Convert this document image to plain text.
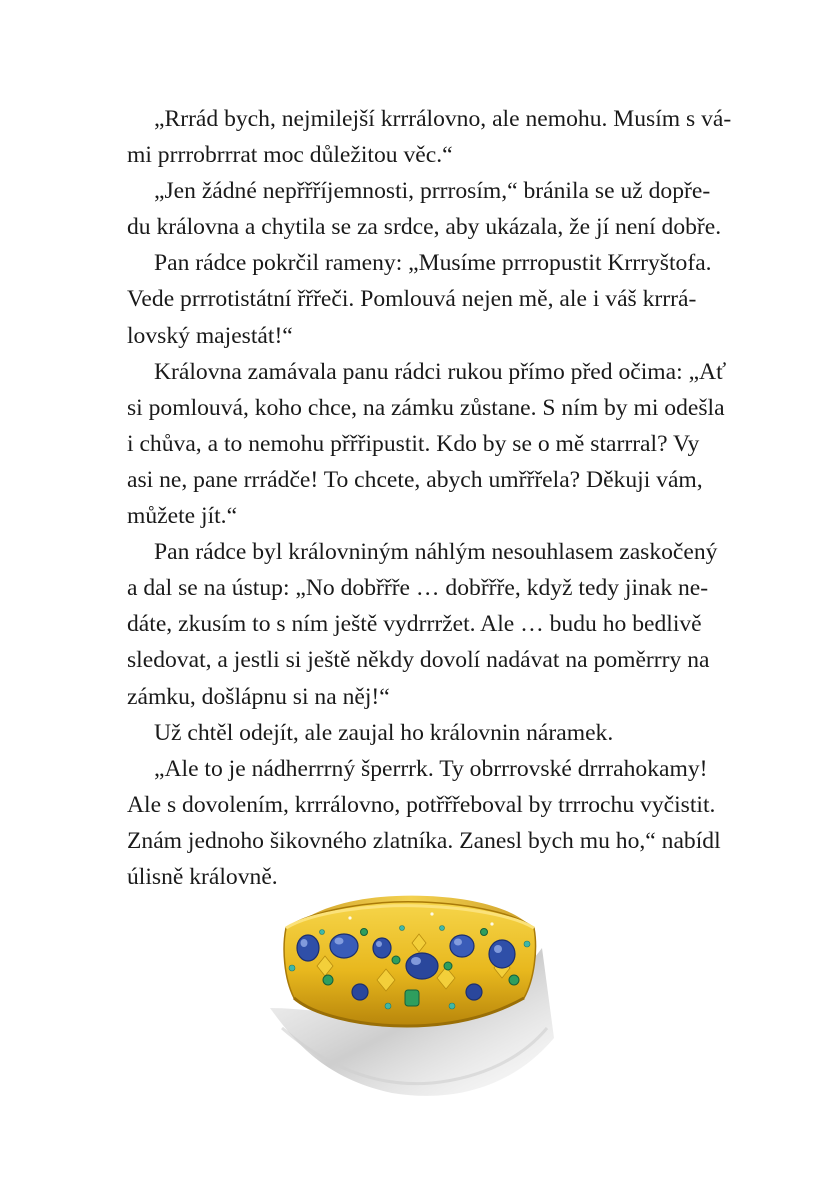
„Rrrád bych, nejmilejší krrrálovno, ale nemohu. Musím s vá-
mi prrrobrrrat moc důležitou věc.“
„Jen žádné nepřřříjemnosti, prrrosím,“ bránila se už dopře-
du královna a chytila se za srdce, aby ukázala, že jí není dobře.
Pan rádce pokrčil rameny: „Musíme prrropustit Krrryštofa.
Vede prrrotistátní řřřeči. Pomlouvá nejen mě, ale i váš krrrá-
lovský majestát!“
Královna zamávala panu rádci rukou přímo před očima: „Ať
si pomlouvá, koho chce, na zámku zůstane. S ním by mi odešla
i chůva, a to nemohu přřřipustit. Kdo by se o mě starrral? Vy
asi ne, pane rrrádče! To chcete, abych umřřřela? Děkuji vám,
můžete jít.“
Pan rádce byl královniným náhlým nesouhlasem zaskočený
a dal se na ústup: „No dobřřře … dobřřře, když tedy jinak ne-
dáte, zkusím to s ním ještě vydrrržet. Ale … budu ho bedlivě
sledovat, a jestli si ještě někdy dovolí nadávat na poměrrry na
zámku, došlápnu si na něj!“
Už chtěl odejít, ale zaujal ho královnin náramek.
„Ale to je nádherrrný šperrrk. Ty obrrrovské drrrahokamy!
Ale s dovolením, krrrálovno, potřřřeboval by trrrochu vyčistit.
Znám jednoho šikovného zlatníka. Zanesl bych mu ho,“ nabídl
úlisně královně.
